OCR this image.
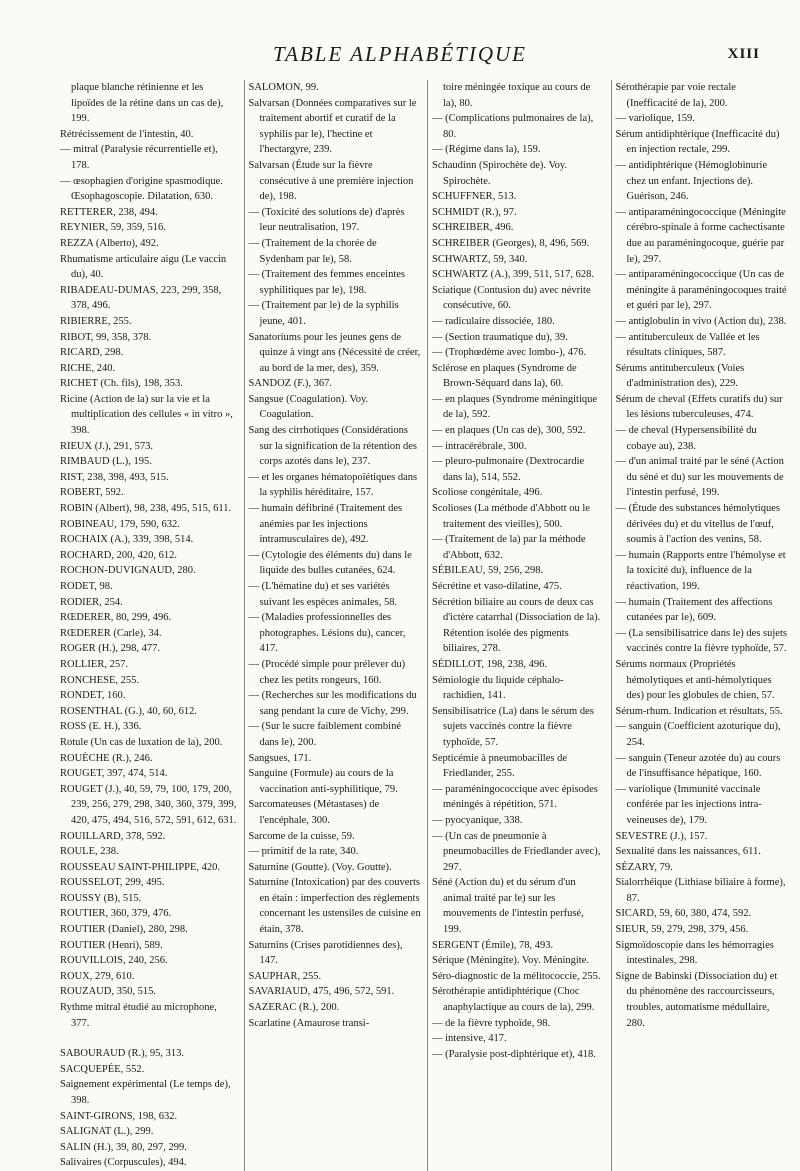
TABLE ALPHABÉTIQUE	XIII
plaque blanche rétinienne et les lipoïdes de la rétine dans un cas de), 199.
Rétrécissement de l'intestin, 40.
— mitral (Paralysie récurrentielle et), 178.
— œsophagien d'origine spasmodique. Œsophagoscopie. Dilatation, 630.
RETTERER, 238, 494.
REYNIER, 59, 359, 516.
REZZA (Alberto), 492.
Rhumatisme articulaire aigu (Le vaccin du), 40.
RIBADEAU-DUMAS, 223, 299, 358, 378, 496.
RIBIERRE, 255.
RIBOT, 99, 358, 378.
RICARD, 298.
RICHE, 240.
RICHET (Ch. fils), 198, 353.
Ricine (Action de la) sur la vie et la multiplication des cellules « in vitro », 398.
RIEUX (J.), 291, 573.
RIMBAUD (L.), 195.
RIST, 238, 398, 493, 515.
ROBERT, 592.
ROBIN (Albert), 98, 238, 495, 515, 611.
ROBINEAU, 179, 590, 632.
ROCHAIX (A.), 339, 398, 514.
ROCHARD, 200, 420, 612.
ROCHON-DUVIGNAUD, 280.
RODET, 98.
RODIER, 254.
RŒDERER, 80, 299, 496.
RŒDERER (Carle), 34.
ROGER (H.), 298, 477.
ROLLIER, 257.
RONCHESE, 255.
RONDET, 160.
ROSENTHAL (G.), 40, 60, 612.
ROSS (E. H.), 336.
Rotule (Un cas de luxation de la), 200.
ROUÈCHE (R.), 246.
ROUGET, 397, 474, 514.
ROUGET (J.), 40, 59, 79, 100, 179, 200, 239, 256, 279, 298, 340, 360, 379, 399, 420, 475, 494, 516, 572, 591, 612, 631.
ROUILLARD, 378, 592.
ROULE, 238.
ROUSSEAU SAINT-PHILIPPE, 420.
ROUSSELOT, 299, 495.
ROUSSY (B), 515.
ROUTIER, 360, 379, 476.
ROUTIER (Daniel), 280, 298.
ROUTIER (Henri), 589.
ROUVILLOIS, 240, 256.
ROUX, 279, 610.
ROUZAUD, 350, 515.
Rythme mitral étudié au microphone, 377.
SABOURAUD (R.), 95, 313.
SACQUEPÉE, 552.
Saignement expérimental (Le temps de), 398.
SAINT-GIRONS, 198, 632.
SALIGNAT (L.), 299.
SALIN (H.), 39, 80, 297, 299.
Salivaires (Corpuscules), 494.
SALOMON, 99.
Salvarsan (Données comparatives sur le traitement abortif et curatif de la syphilis par le), l'hectine et l'hectargyre, 239.
Salvarsan (Étude sur la fièvre consécutive à une première injection de), 198.
— (Toxicité des solutions de) d'après leur neutralisation, 197.
— (Traitement de la chorée de Sydenham par le), 58.
— (Traitement des femmes enceintes syphilitiques par le), 198.
— (Traitement par le) de la syphilis jeune, 401.
Sanatoriums pour les jeunes gens de quinze à vingt ans (Nécessité de créer, au bord de la mer, des), 359.
SANDOZ (F.), 367.
Sangsue (Coagulation). Voy. Coagulation.
Sang des cirrhotiques (Considérations sur la signification de la rétention des corps azotés dans le), 237.
— et les organes hématopoïétiques dans la syphilis héréditaire, 157.
— humain défibriné (Traitement des anémies par les injections intramusculaires de), 492.
— (Cytologie des éléments du) dans le liquide des bulles cutanées, 624.
— (L'hématine du) et ses variétés suivant les espèces animales, 58.
— (Maladies professionnelles des photographes. Lésions du), cancer, 417.
— (Procédé simple pour prélever du) chez les petits rongeurs, 160.
— (Recherches sur les modifications du sang pendant la cure de Vichy, 299.
— (Sur le sucre faiblement combiné dans le), 200.
Sangsues, 171.
Sanguine (Formule) au cours de la vaccination anti-syphilitique, 79.
Sarcomateuses (Métastases) de l'encéphale, 300.
Sarcome de la cuisse, 59.
— primitif de la rate, 340.
Saturnine (Goutte). (Voy. Goutte).
Saturnine (Intoxication) par des couverts en étain : imperfection des règlements concernant les ustensiles de cuisine en étain, 378.
Saturnins (Crises parotidiennes des), 147.
SAUPHAR, 255.
SAVARIAUD, 475, 496, 572, 591.
SAZERAC (R.), 200.
Scarlatine (Amaurose transi-
toire méningée toxique au cours de la), 80.
— (Complications pulmonaires de la), 80.
— (Régime dans la), 159.
Schaudinn (Spirochète de). Voy. Spirochète.
SCHUFFNER, 513.
SCHMIDT (R.), 97.
SCHREIBER, 496.
SCHREIBER (Georges), 8, 496, 569.
SCHWARTZ, 59, 340.
SCHWARTZ (A.), 399, 511, 517, 628.
Sciatique (Contusion du) avec névrite consécutive, 60.
— radiculaire dissociée, 180.
— (Section traumatique du), 39.
— (Trophœdème avec lombo-), 476.
Sclérose en plaques (Syndrome de Brown-Séquard dans la), 60.
— en plaques (Syndrome méningitique de la), 592.
— en plaques (Un cas de), 300, 592.
— intracérébrale, 300.
— pleuro-pulmonaire (Dextrocardie dans la), 514, 552.
Scoliose congénitale, 496.
Scolioses (La méthode d'Abbott ou le traitement des vieilles), 500.
— (Traitement de la) par la méthode d'Abbott, 632.
SÉBILEAU, 59, 256, 298.
Sécrétine et vaso-dilatine, 475.
Sécrétion biliaire au cours de deux cas d'ictère catarrhal (Dissociation de la). Rétention isolée des pigments biliaires, 278.
SÉDILLOT, 198, 238, 496.
Sémiologie du liquide céphalo-rachidien, 141.
Sensibilisatrice (La) dans le sérum des sujets vaccinés contre la fièvre typhoïde, 57.
Septicémie à pneumobacilles de Friedlander, 255.
— paraméningococcique avec épisodes méningés à répétition, 571.
— pyocyanique, 338.
— (Un cas de pneumonie à pneumobacilles de Friedlander avec), 297.
Séné (Action du) et du sérum d'un animal traité par le) sur les mouvements de l'intestin perfusé, 199.
SERGENT (Émile), 78, 493.
Sérique (Méningite). Voy. Méningite.
Séro-diagnostic de la mélitococcie, 255.
Sérothérapie antidiphtérique (Choc anaphylactique au cours de la), 299.
— de la fièvre typhoïde, 98.
— intensive, 417.
— (Paralysie post-diphtérique et), 418.
Sérothérapie par voie rectale (Inefficacité de la), 200.
— variolique, 159.
Sérum antidiphtérique (Inefficacité du) en injection rectale, 299.
— antidiphtérique (Hémoglobinurie chez un enfant. Injections de). Guérison, 246.
— antiparaméningococcique (Méningite cérébro-spinale à forme cachectisante due au paraméningocoque, guérie par le), 297.
— antiparaméningococcique (Un cas de méningite à paraméningocoques traité et guéri par le), 297.
— antiglobulin in vivo (Action du), 238.
— antituberculeux de Vallée et les résultats cliniques, 587.
Sérums antituberculeux (Voies d'administration des), 229.
Sérum de cheval (Effets curatifs du) sur les lésions tuberculeuses, 474.
— de cheval (Hypersensibilité du cobaye au), 238.
— d'un animal traité par le séné (Action du séné et du) sur les mouvements de l'intestin perfusé, 199.
— (Étude des substances hémolytiques dérivées du) et du vitellus de l'œuf, soumis à l'action des venins, 58.
— humain (Rapports entre l'hémolyse et la toxicité du), influence de la réactivation, 199.
— humain (Traitement des affections cutanées par le), 609.
— (La sensibilisatrice dans le) des sujets vaccinés contre la fièvre typhoïde, 57.
Sérums normaux (Propriétés hémolytiques et anti-hémolytiques des) pour les globules de chien, 57.
Sérum-rhum. Indication et résultats, 55.
— sanguin (Coefficient azoturique du), 254.
— sanguin (Teneur azotée du) au cours de l'insuffisance hépatique, 160.
— variolique (Immunité vaccinale conférée par les injections intra-veineuses de), 179.
SEVESTRE (J.), 157.
Sexualité dans les naissances, 611.
SÉZARY, 79.
Sialorrhéique (Lithiase biliaire à forme), 87.
SICARD, 59, 60, 380, 474, 592.
SIEUR, 59, 279, 298, 379, 456.
Sigmoïdoscopie dans les hémorragies intestinales, 298.
Signe de Babinski (Dissociation du) et du phénomène des raccourcisseurs, troubles, automatisme médullaire, 280.
